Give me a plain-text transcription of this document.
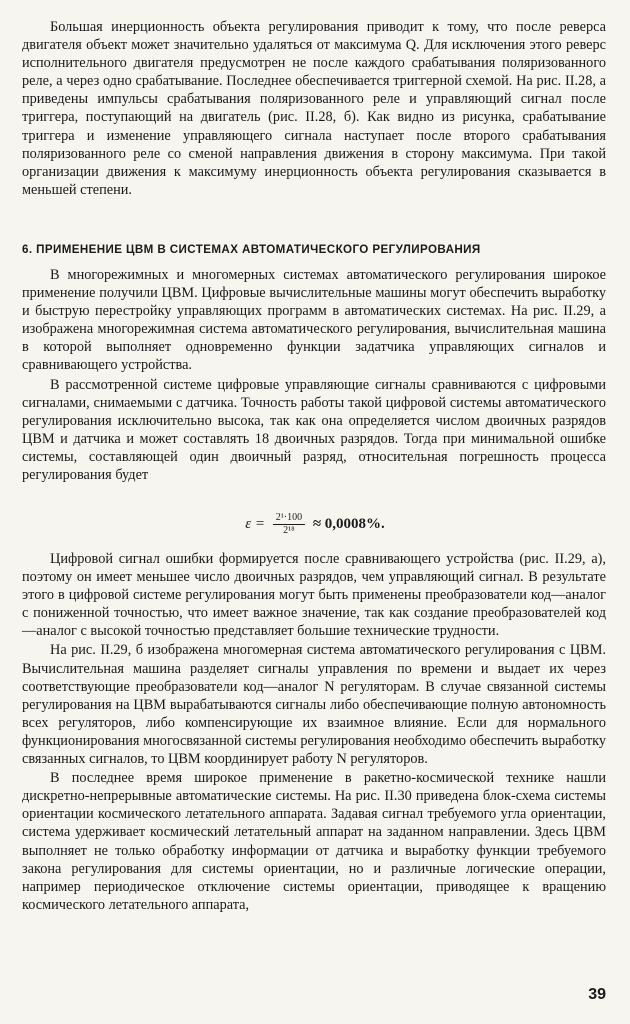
Большая инерционность объекта регулирования приводит к тому, что после реверса двигателя объект может значительно удаляться от максимума Q. Для исключения этого реверс исполнительного двигателя предусмотрен не после каждого срабатывания поляризованного реле, а через одно срабатывание. Последнее обеспечивается триггерной схемой. На рис. II.28, а приведены импульсы срабатывания поляризованного реле и управляющий сигнал после триггера, поступающий на двигатель (рис. II.28, б). Как видно из рисунка, срабатывание триггера и изменение управляющего сигнала наступает после второго срабатывания поляризованного реле со сменой направления движения в сторону максимума. При такой организации движения к максимуму инерционность объекта регулирования сказывается в меньшей степени.

6. ПРИМЕНЕНИЕ ЦВМ В СИСТЕМАХ АВТОМАТИЧЕСКОГО РЕГУЛИРОВАНИЯ

В многорежимных и многомерных системах автоматического регулирования широкое применение получили ЦВМ. Цифровые вычислительные машины могут обеспечить выработку и быструю перестройку управляющих программ в автоматических системах. На рис. II.29, а изображена многорежимная система автоматического регулирования, вычислительная машина в которой выполняет одновременно функции задатчика управляющих сигналов и сравнивающего устройства.

В рассмотренной системе цифровые управляющие сигналы сравниваются с цифровыми сигналами, снимаемыми с датчика. Точность работы такой цифровой системы автоматического регулирования исключительно высока, так как она определяется числом двоичных разрядов ЦВМ и датчика и может составлять 18 двоичных разрядов. Тогда при минимальной ошибке системы, составляющей один двоичный разряд, относительная погрешность процесса регулирования будет

$\varepsilon = \frac{\text{2¹·100}}{\text{2¹⁸}} \approx 0,0008\%$.

Цифровой сигнал ошибки формируется после сравнивающего устройства (рис. II.29, а), поэтому он имеет меньшее число двоичных разрядов, чем управляющий сигнал. В результате этого в цифровой системе регулирования могут быть применены преобразователи код—аналог с пониженной точностью, что имеет важное значение, так как создание преобразователей код—аналог с высокой точностью представляет большие технические трудности.

На рис. II.29, б изображена многомерная система автоматического регулирования с ЦВМ. Вычислительная машина разделяет сигналы управления по времени и выдает их через соответствующие преобразователи код—аналог N регуляторам. В случае связанной системы регулирования на ЦВМ вырабатываются сигналы либо обеспечивающие полную автономность всех регуляторов, либо компенсирующие их взаимное влияние. Если для нормального функционирования многосвязанной системы регулирования необходимо обеспечить выработку связанных сигналов, то ЦВМ координирует работу N регуляторов.

В последнее время широкое применение в ракетно-космической технике нашли дискретно-непрерывные автоматические системы. На рис. II.30 приведена блок-схема системы ориентации космического летательного аппарата. Задавая сигнал требуемого угла ориентации, система удерживает космический летательный аппарат на заданном направлении. Здесь ЦВМ выполняет не только обработку информации от датчика и выработку функции требуемого закона регулирования для системы ориентации, но и различные логические операции, например периодическое отключение системы ориентации, приводящее к вращению космического летательного аппарата,

39
